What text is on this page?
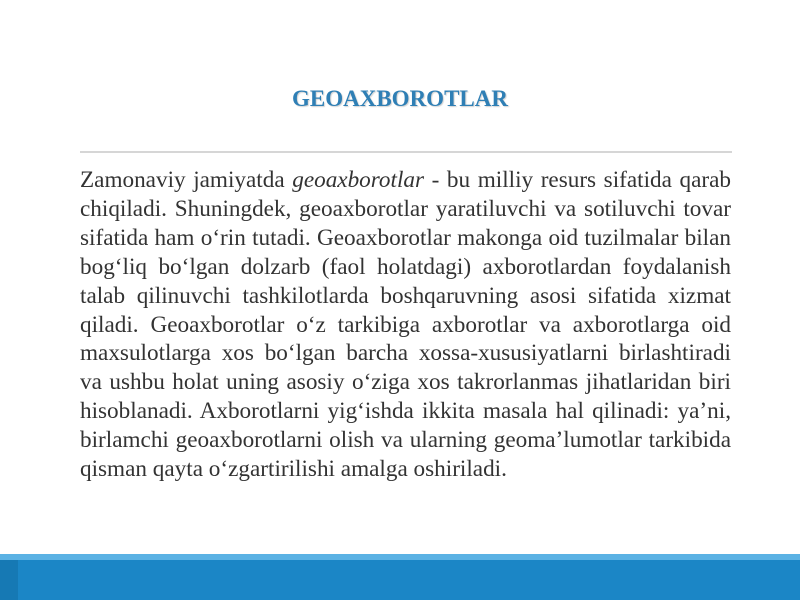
GEOAXBOROTLAR

Zamonaviy jamiyatda geoaxborotlar - bu milliy resurs sifatida qarab chiqiladi. Shuningdek, geoaxborotlar yaratiluvchi va sotiluvchi tovar sifatida ham o‘rin tutadi. Geoaxborotlar makonga oid tuzilmalar bilan bog‘liq bo‘lgan dolzarb (faol holatdagi) axborotlardan foydalanish talab qilinuvchi tashkilotlarda boshqaruvning asosi sifatida xizmat qiladi. Geoaxborotlar o‘z tarkibiga axborotlar va axborotlarga oid maxsulotlarga xos bo‘lgan barcha xossa-xususiyatlarni birlashtiradi va ushbu holat uning asosiy o‘ziga xos takrorlanmas jihatlaridan biri hisoblanadi. Axborotlarni yig‘ishda ikkita masala hal qilinadi: ya’ni, birlamchi geoaxborotlarni olish va ularning geoma’lumotlar tarkibida qisman qayta o‘zgartirilishi amalga oshiriladi.
